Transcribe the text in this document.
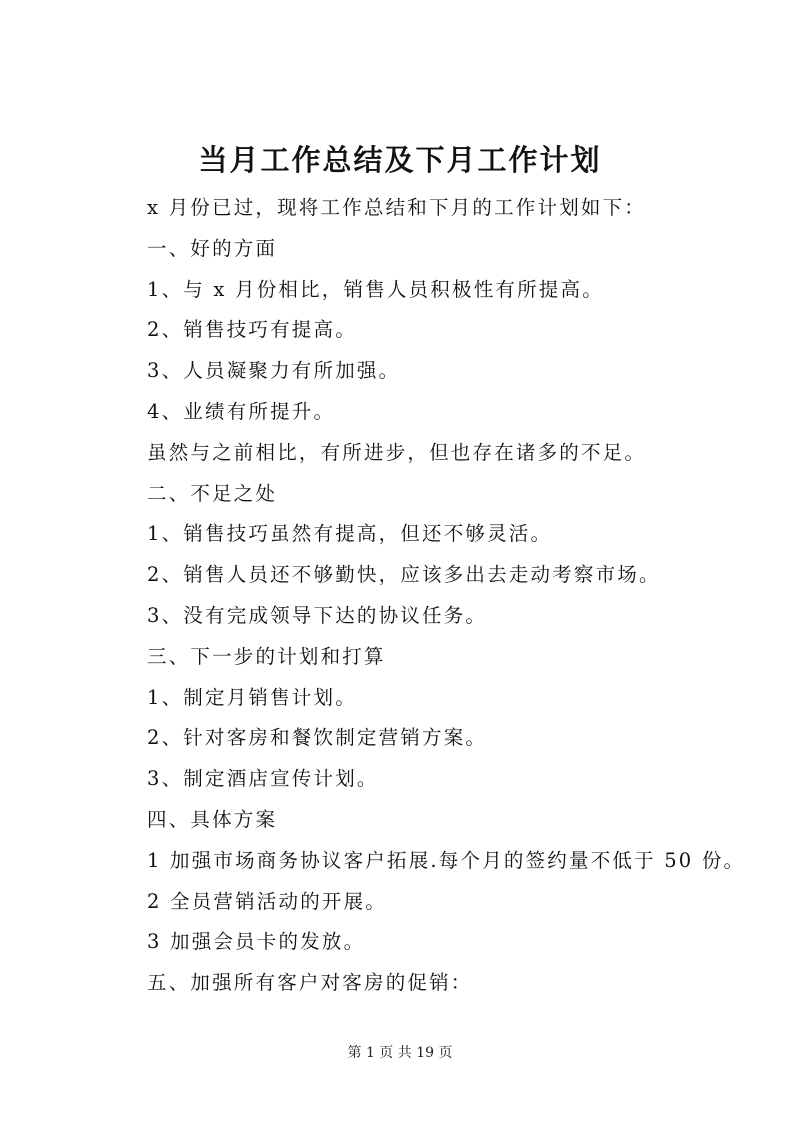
当月工作总结及下月工作计划
x 月份已过，现将工作总结和下月的工作计划如下：
一、好的方面
1、与 x 月份相比，销售人员积极性有所提高。
2、销售技巧有提高。
3、人员凝聚力有所加强。
4、业绩有所提升。
虽然与之前相比，有所进步，但也存在诸多的不足。
二、不足之处
1、销售技巧虽然有提高，但还不够灵活。
2、销售人员还不够勤快，应该多出去走动考察市场。
3、没有完成领导下达的协议任务。
三、下一步的计划和打算
1、制定月销售计划。
2、针对客房和餐饮制定营销方案。
3、制定酒店宣传计划。
四、具体方案
1 加强市场商务协议客户拓展.每个月的签约量不低于 50 份。
2 全员营销活动的开展。
3 加强会员卡的发放。
五、加强所有客户对客房的促销：
第 1 页 共 19 页
